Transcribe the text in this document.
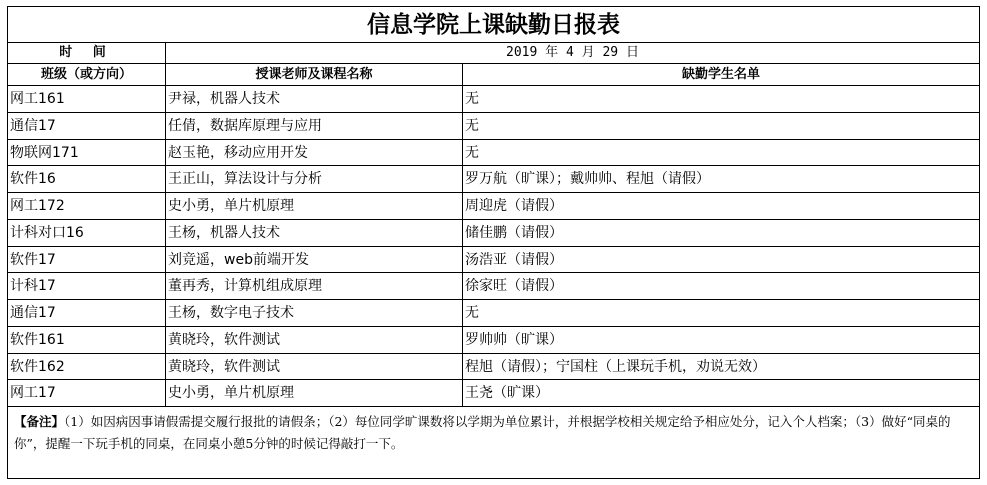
信息学院上课缺勤日报表
时 间	2019 年 4 月 29 日
班级（或方向）	授课老师及课程名称	缺勤学生名单
网工161	尹禄，机器人技术	无
通信17	任倩，数据库原理与应用	无
物联网171	赵玉艳，移动应用开发	无
软件16	王正山，算法设计与分析	罗万航（旷课）；戴帅帅、程旭（请假）
网工172	史小勇，单片机原理	周迎虎（请假）
计科对口16	王杨，机器人技术	储佳鹏（请假）
软件17	刘竞遥，web前端开发	汤浩亚（请假）
计科17	董再秀，计算机组成原理	徐家旺（请假）
通信17	王杨，数字电子技术	无
软件161	黄晓玲，软件测试	罗帅帅（旷课）
软件162	黄晓玲，软件测试	程旭（请假）；宁国柱（上课玩手机，劝说无效）
网工17	史小勇，单片机原理	王尧（旷课）
【备注】（1）如因病因事请假需提交履行报批的请假条；（2）每位同学旷课数将以学期为单位累计，并根据学校相关规定给予相应处分，记入个人档案；（3）做好“同桌的你”，提醒一下玩手机的同桌，在同桌小憩5分钟的时候记得敲打一下。
